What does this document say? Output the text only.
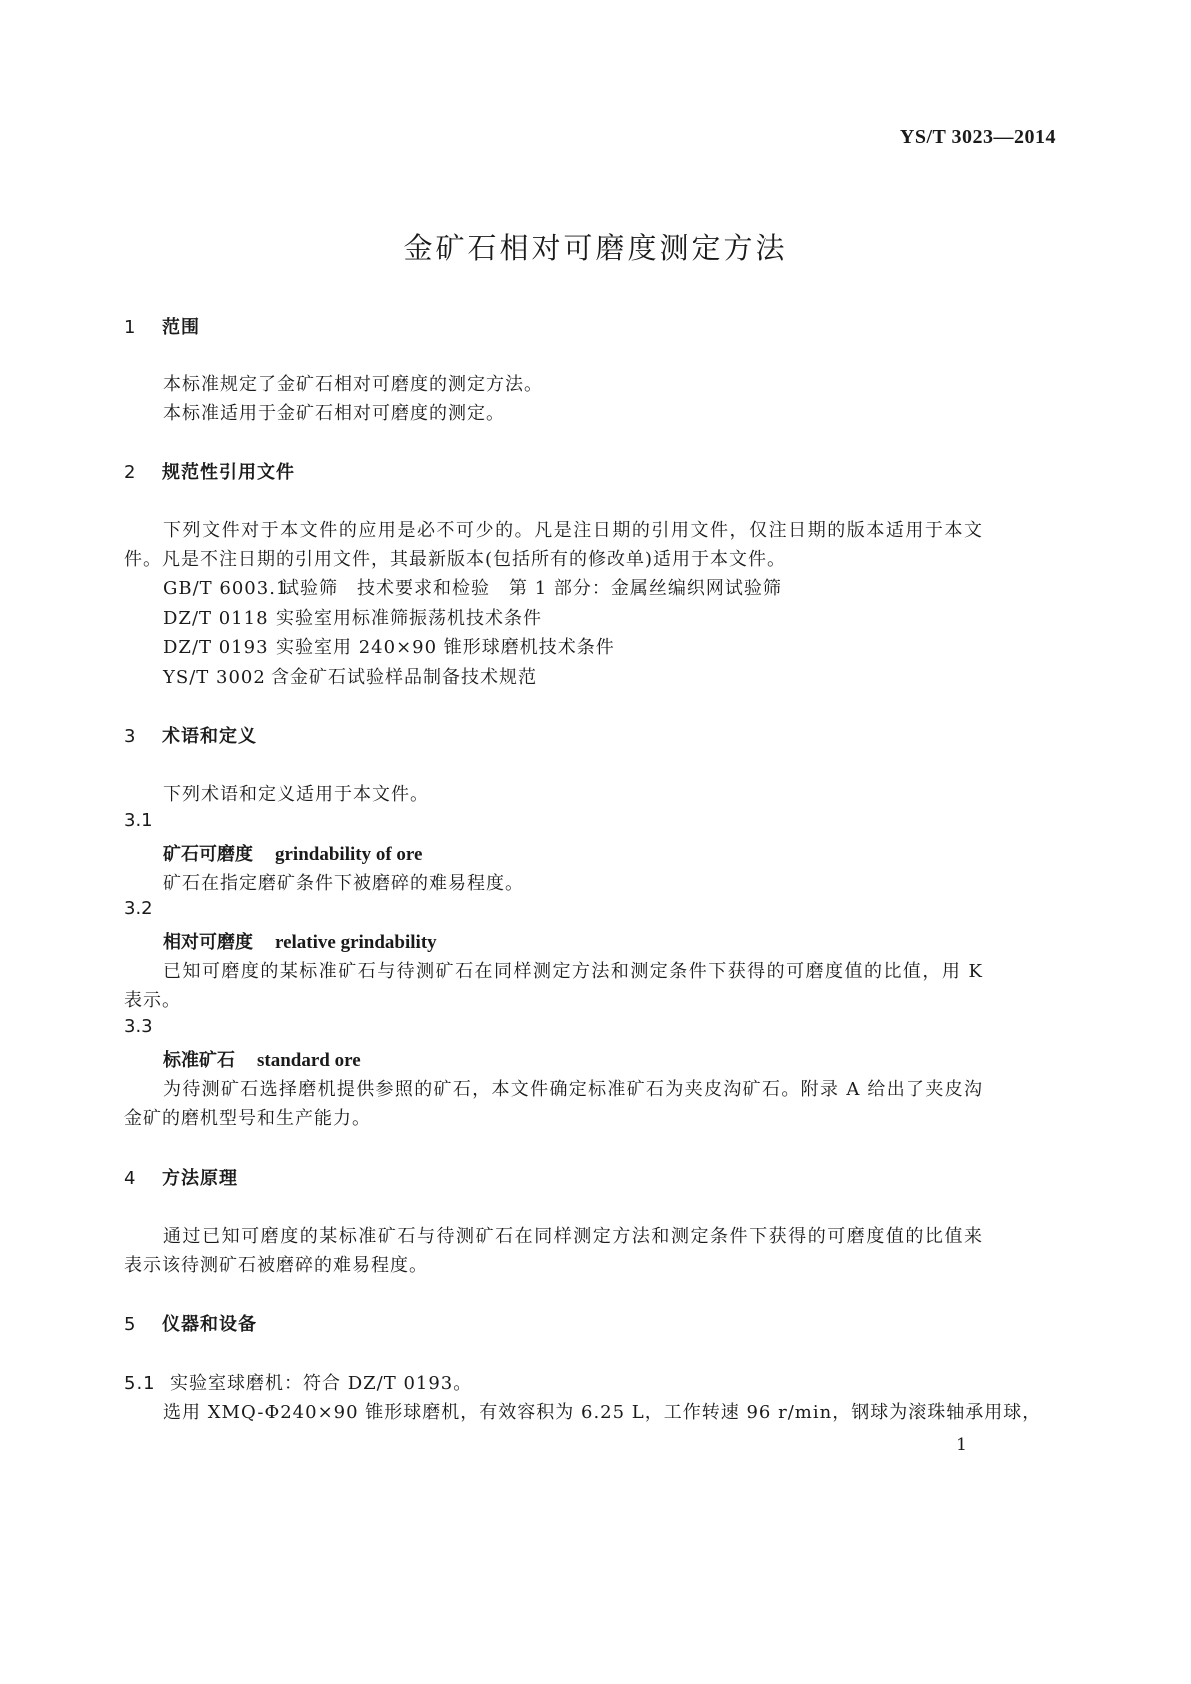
YS/T 3023—2014
金矿石相对可磨度测定方法
1 范围
本标准规定了金矿石相对可磨度的测定方法。
本标准适用于金矿石相对可磨度的测定。
2 规范性引用文件
下列文件对于本文件的应用是必不可少的。凡是注日期的引用文件，仅注日期的版本适用于本文
件。凡是不注日期的引用文件，其最新版本(包括所有的修改单)适用于本文件。
GB/T 6003.1试验筛　技术要求和检验　第 1 部分：金属丝编织网试验筛
DZ/T 0118 实验室用标准筛振荡机技术条件
DZ/T 0193 实验室用 240×90 锥形球磨机技术条件
YS/T 3002 含金矿石试验样品制备技术规范
3 术语和定义
下列术语和定义适用于本文件。
3.1
矿石可磨度 grindability of ore
矿石在指定磨矿条件下被磨碎的难易程度。
3.2
相对可磨度 relative grindability
已知可磨度的某标准矿石与待测矿石在同样测定方法和测定条件下获得的可磨度值的比值，用 K
表示。
3.3
标准矿石 standard ore
为待测矿石选择磨机提供参照的矿石，本文件确定标准矿石为夹皮沟矿石。附录 A 给出了夹皮沟
金矿的磨机型号和生产能力。
4 方法原理
通过已知可磨度的某标准矿石与待测矿石在同样测定方法和测定条件下获得的可磨度值的比值来
表示该待测矿石被磨碎的难易程度。
5 仪器和设备
5.1 实验室球磨机：符合 DZ/T 0193。
选用 XMQ-Φ240×90 锥形球磨机，有效容积为 6.25 L，工作转速 96 r/min，钢球为滚珠轴承用球，
1
